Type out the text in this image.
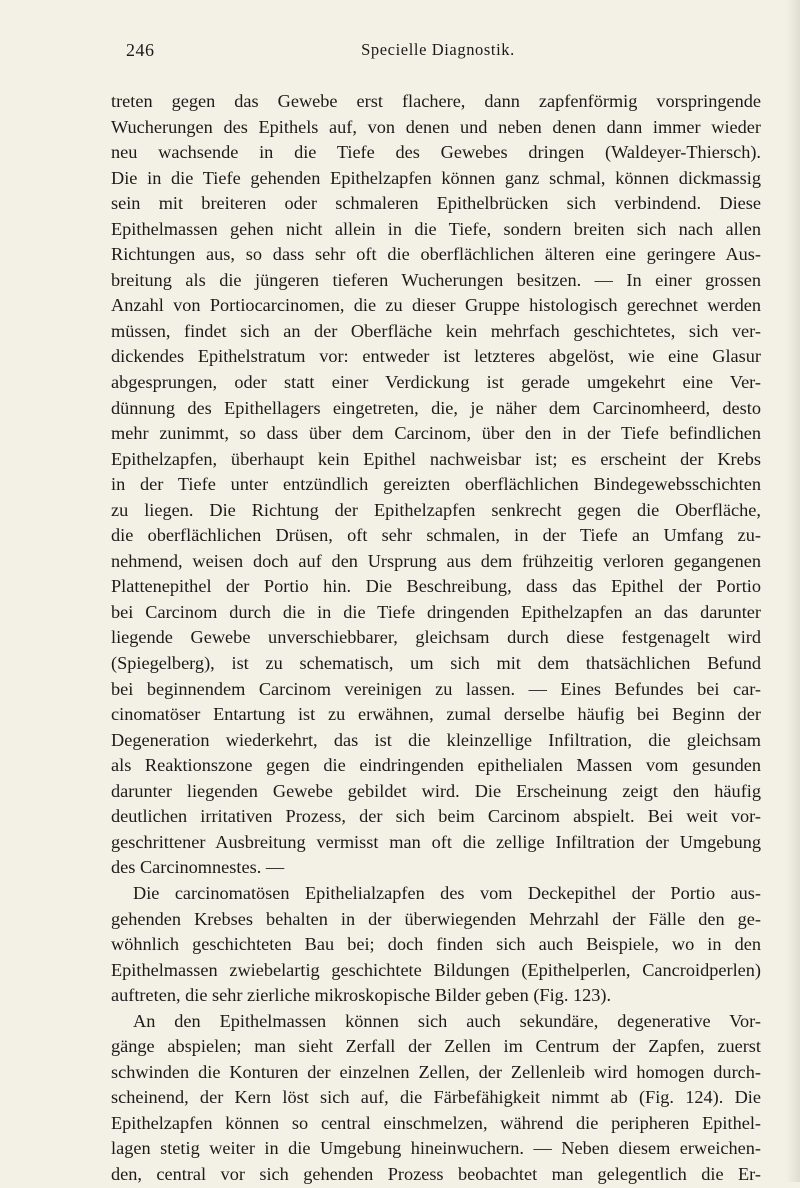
246	Specielle Diagnostik.
treten gegen das Gewebe erst flachere, dann zapfenförmig vorspringende
Wucherungen des Epithels auf, von denen und neben denen dann immer wieder
neu wachsende in die Tiefe des Gewebes dringen (Waldeyer-Thiersch).
Die in die Tiefe gehenden Epithelzapfen können ganz schmal, können dickmassig
sein mit breiteren oder schmaleren Epithelbrücken sich verbindend. Diese
Epithelmassen gehen nicht allein in die Tiefe, sondern breiten sich nach allen
Richtungen aus, so dass sehr oft die oberflächlichen älteren eine geringere Aus-
breitung als die jüngeren tieferen Wucherungen besitzen. — In einer grossen
Anzahl von Portiocarcinomen, die zu dieser Gruppe histologisch gerechnet werden
müssen, findet sich an der Oberfläche kein mehrfach geschichtetes, sich ver-
dickendes Epithelstratum vor: entweder ist letzteres abgelöst, wie eine Glasur
abgesprungen, oder statt einer Verdickung ist gerade umgekehrt eine Ver-
dünnung des Epithellagers eingetreten, die, je näher dem Carcinomheerd, desto
mehr zunimmt, so dass über dem Carcinom, über den in der Tiefe befindlichen
Epithelzapfen, überhaupt kein Epithel nachweisbar ist; es erscheint der Krebs
in der Tiefe unter entzündlich gereizten oberflächlichen Bindegewebsschichten
zu liegen. Die Richtung der Epithelzapfen senkrecht gegen die Oberfläche,
die oberflächlichen Drüsen, oft sehr schmalen, in der Tiefe an Umfang zu-
nehmend, weisen doch auf den Ursprung aus dem frühzeitig verloren gegangenen
Plattenepithel der Portio hin. Die Beschreibung, dass das Epithel der Portio
bei Carcinom durch die in die Tiefe dringenden Epithelzapfen an das darunter
liegende Gewebe unverschiebbarer, gleichsam durch diese festgenagelt wird
(Spiegelberg), ist zu schematisch, um sich mit dem thatsächlichen Befund
bei beginnendem Carcinom vereinigen zu lassen. — Eines Befundes bei car-
cinomatöser Entartung ist zu erwähnen, zumal derselbe häufig bei Beginn der
Degeneration wiederkehrt, das ist die kleinzellige Infiltration, die gleichsam
als Reaktionszone gegen die eindringenden epithelialen Massen vom gesunden
darunter liegenden Gewebe gebildet wird. Die Erscheinung zeigt den häufig
deutlichen irritativen Prozess, der sich beim Carcinom abspielt. Bei weit vor-
geschrittener Ausbreitung vermisst man oft die zellige Infiltration der Umgebung
des Carcinomnestes. —
Die carcinomatösen Epithelialzapfen des vom Deckepithel der Portio aus-
gehenden Krebses behalten in der überwiegenden Mehrzahl der Fälle den ge-
wöhnlich geschichteten Bau bei; doch finden sich auch Beispiele, wo in den
Epithelmassen zwiebelartig geschichtete Bildungen (Epithelperlen, Cancroidperlen)
auftreten, die sehr zierliche mikroskopische Bilder geben (Fig. 123).
An den Epithelmassen können sich auch sekundäre, degenerative Vor-
gänge abspielen; man sieht Zerfall der Zellen im Centrum der Zapfen, zuerst
schwinden die Konturen der einzelnen Zellen, der Zellenleib wird homogen durch-
scheinend, der Kern löst sich auf, die Färbefähigkeit nimmt ab (Fig. 124). Die
Epithelzapfen können so central einschmelzen, während die peripheren Epithel-
lagen stetig weiter in die Umgebung hineinwuchern. — Neben diesem erweichen-
den, central vor sich gehenden Prozess beobachtet man gelegentlich die Er-
